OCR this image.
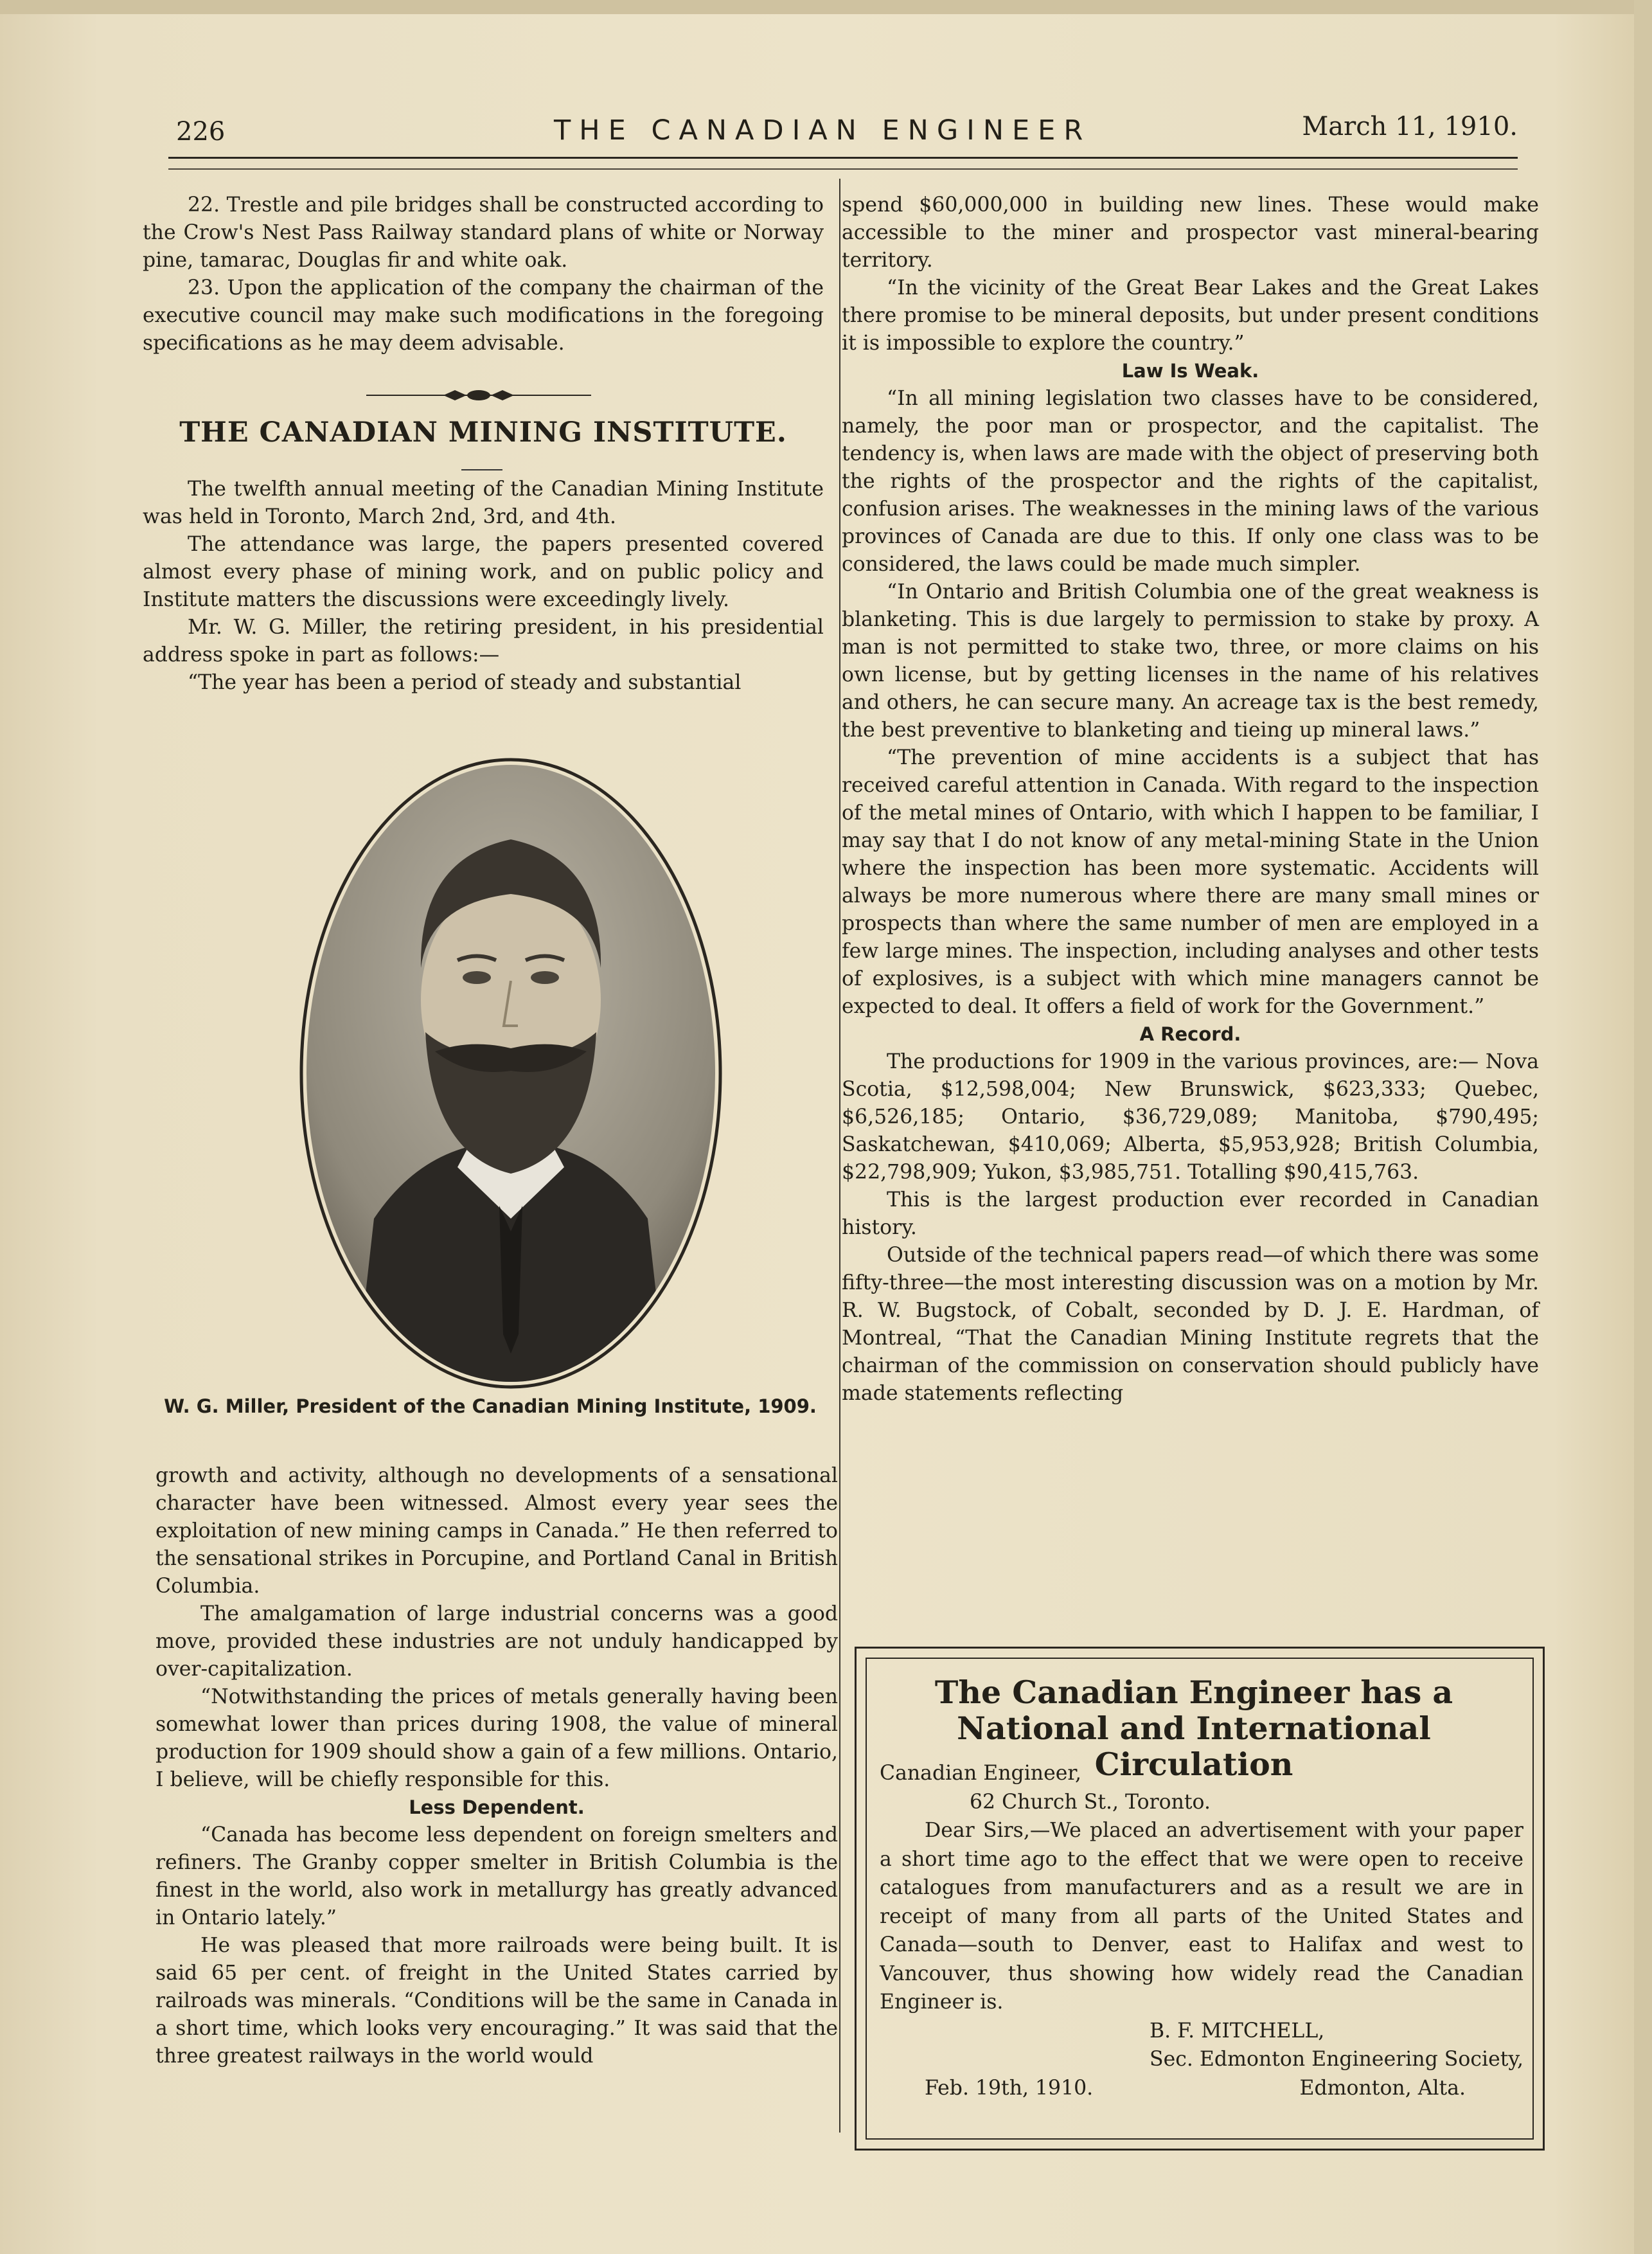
226	THE CANADIAN ENGINEER	March 11, 1910.

22. Trestle and pile bridges shall be constructed according to the Crow's Nest Pass Railway standard plans of white or Norway pine, tamarac, Douglas fir and white oak.

23. Upon the application of the company the chairman of the executive council may make such modifications in the foregoing specifications as he may deem advisable.

THE CANADIAN MINING INSTITUTE.

The twelfth annual meeting of the Canadian Mining Institute was held in Toronto, March 2nd, 3rd, and 4th.

The attendance was large, the papers presented covered almost every phase of mining work, and on public policy and Institute matters the discussions were exceedingly lively.

Mr. W. G. Miller, the retiring president, in his presidential address spoke in part as follows:—

“The year has been a period of steady and substantial

W. G. Miller, President of the Canadian Mining Institute, 1909.

growth and activity, although no developments of a sensational character have been witnessed. Almost every year sees the exploitation of new mining camps in Canada.” He then referred to the sensational strikes in Porcupine, and Portland Canal in British Columbia.

The amalgamation of large industrial concerns was a good move, provided these industries are not unduly handicapped by over-capitalization.

“Notwithstanding the prices of metals generally having been somewhat lower than prices during 1908, the value of mineral production for 1909 should show a gain of a few millions. Ontario, I believe, will be chiefly responsible for this.

Less Dependent.

“Canada has become less dependent on foreign smelters and refiners. The Granby copper smelter in British Columbia is the finest in the world, also work in metallurgy has greatly advanced in Ontario lately.”

He was pleased that more railroads were being built. It is said 65 per cent. of freight in the United States carried by railroads was minerals. “Conditions will be the same in Canada in a short time, which looks very encouraging.” It was said that the three greatest railways in the world would

spend $60,000,000 in building new lines. These would make accessible to the miner and prospector vast mineral-bearing territory.

“In the vicinity of the Great Bear Lakes and the Great Lakes there promise to be mineral deposits, but under present conditions it is impossible to explore the country.”

Law Is Weak.

“In all mining legislation two classes have to be considered, namely, the poor man or prospector, and the capitalist. The tendency is, when laws are made with the object of preserving both the rights of the prospector and the rights of the capitalist, confusion arises. The weaknesses in the mining laws of the various provinces of Canada are due to this. If only one class was to be considered, the laws could be made much simpler.

“In Ontario and British Columbia one of the great weakness is blanketing. This is due largely to permission to stake by proxy. A man is not permitted to stake two, three, or more claims on his own license, but by getting licenses in the name of his relatives and others, he can secure many. An acreage tax is the best remedy, the best preventive to blanketing and tieing up mineral laws.”

“The prevention of mine accidents is a subject that has received careful attention in Canada. With regard to the inspection of the metal mines of Ontario, with which I happen to be familiar, I may say that I do not know of any metal-mining State in the Union where the inspection has been more systematic. Accidents will always be more numerous where there are many small mines or prospects than where the same number of men are employed in a few large mines. The inspection, including analyses and other tests of explosives, is a subject with which mine managers cannot be expected to deal. It offers a field of work for the Government.”

A Record.

The productions for 1909 in the various provinces, are:— Nova Scotia, $12,598,004; New Brunswick, $623,333; Quebec, $6,526,185; Ontario, $36,729,089; Manitoba, $790,495; Saskatchewan, $410,069; Alberta, $5,953,928; British Columbia, $22,798,909; Yukon, $3,985,751. Totalling $90,415,763.

This is the largest production ever recorded in Canadian history.

Outside of the technical papers read—of which there was some fifty-three—the most interesting discussion was on a motion by Mr. R. W. Bugstock, of Cobalt, seconded by D. J. E. Hardman, of Montreal, “That the Canadian Mining Institute regrets that the chairman of the commission on conservation should publicly have made statements reflecting

The Canadian Engineer has a National and International Circulation

Canadian Engineer,

62 Church St., Toronto.

Dear Sirs,—We placed an advertisement with your paper a short time ago to the effect that we were open to receive catalogues from manufacturers and as a result we are in receipt of many from all parts of the United States and Canada—south to Denver, east to Halifax and west to Vancouver, thus showing how widely read the Canadian Engineer is.

B. F. MITCHELL,

Sec. Edmonton Engineering Society,

Feb. 19th, 1910.	Edmonton, Alta.
